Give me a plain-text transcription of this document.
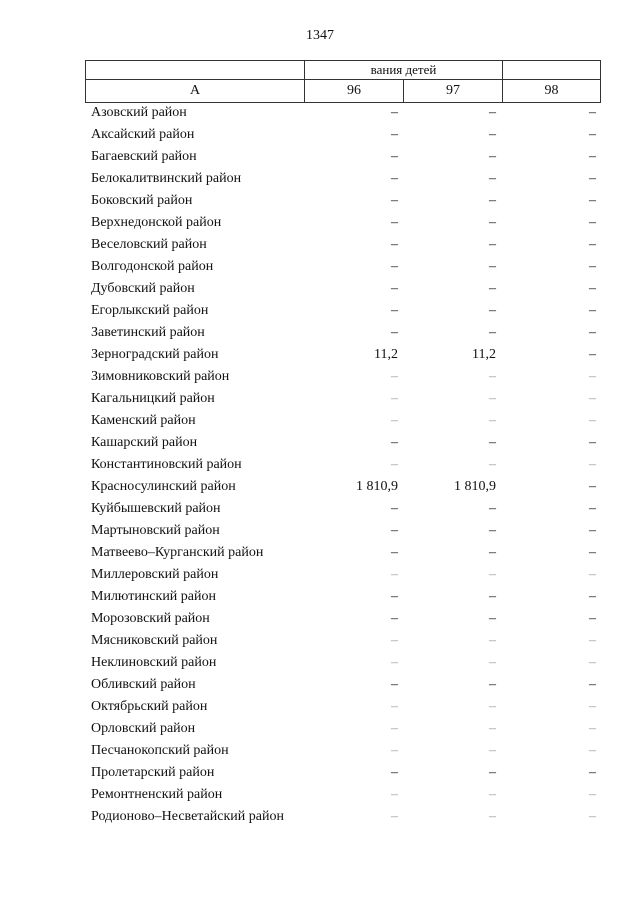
1347
	вания детей		
А	96	97	98
Азовский район	–	–	–
Аксайский район	–	–	–
Багаевский район	–	–	–
Белокалитвинский район	–	–	–
Боковский район	–	–	–
Верхнедонской район	–	–	–
Веселовский район	–	–	–
Волгодонской район	–	–	–
Дубовский район	–	–	–
Егорлыкский район	–	–	–
Заветинский район	–	–	–
Зерноградский район	11,2	11,2	–
Зимовниковский район	–	–	–
Кагальницкий район	–	–	–
Каменский район	–	–	–
Кашарский район	–	–	–
Константиновский район	–	–	–
Красносулинский район	1 810,9	1 810,9	–
Куйбышевский район	–	–	–
Мартыновский район	–	–	–
Матвеево–Курганский район	–	–	–
Миллеровский район	–	–	–
Милютинский район	–	–	–
Морозовский район	–	–	–
Мясниковский район	–	–	–
Неклиновский район	–	–	–
Обливский район	–	–	–
Октябрьский район	–	–	–
Орловский район	–	–	–
Песчанокопский район	–	–	–
Пролетарский район	–	–	–
Ремонтненский район	–	–	–
Родионово–Несветайский район	–	–	–
